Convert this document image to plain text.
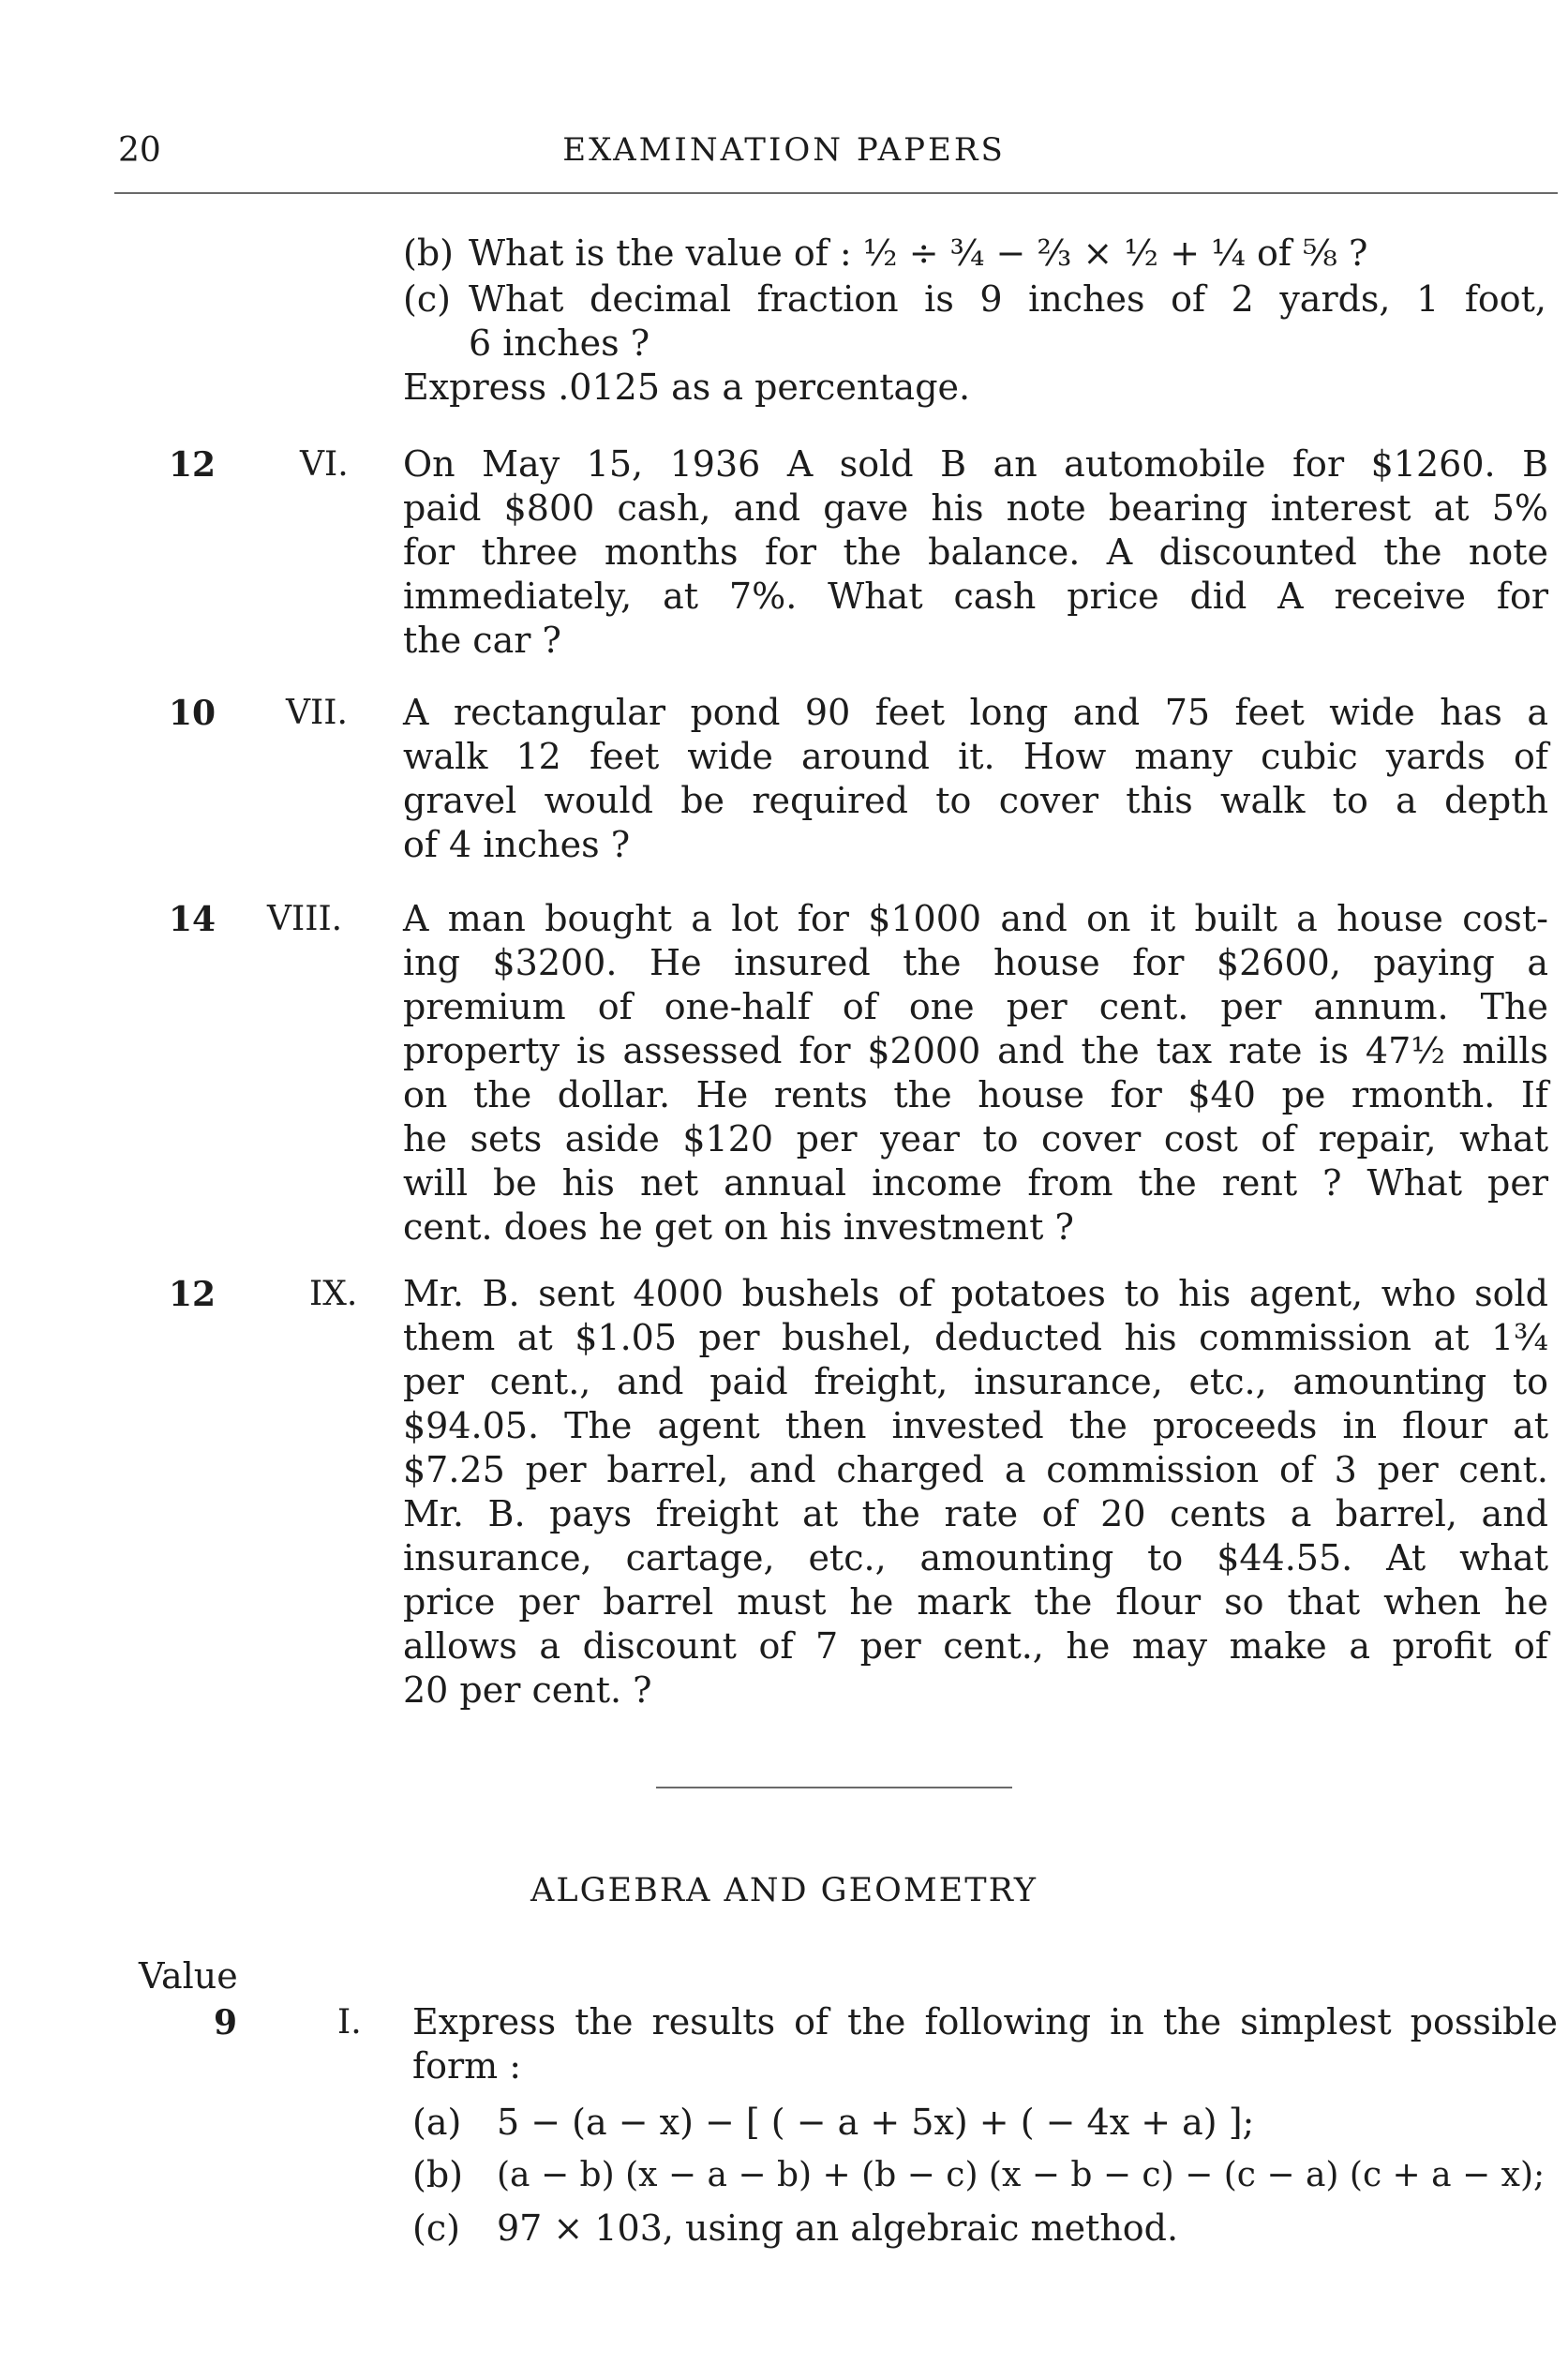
20	EXAMINATION PAPERS
(b) What is the value of : ½ ÷ ¾ − ⅔ × ½ + ¼ of ⅝ ?
(c) What decimal fraction is 9 inches of 2 yards, 1 foot,
6 inches ?
Express .0125 as a percentage.
12 VI. On May 15, 1936 A sold B an automobile for $1260. B
paid $800 cash, and gave his note bearing interest at 5%
for three months for the balance. A discounted the note
immediately, at 7%. What cash price did A receive for
the car ?
10 VII. A rectangular pond 90 feet long and 75 feet wide has a
walk 12 feet wide around it. How many cubic yards of
gravel would be required to cover this walk to a depth
of 4 inches ?
14 VIII. A man bought a lot for $1000 and on it built a house cost-
ing $3200. He insured the house for $2600, paying a
premium of one-half of one per cent. per annum. The
property is assessed for $2000 and the tax rate is 47½ mills
on the dollar. He rents the house for $40 pe rmonth. If
he sets aside $120 per year to cover cost of repair, what
will be his net annual income from the rent ? What per
cent. does he get on his investment ?
12	IX. Mr. B. sent 4000 bushels of potatoes to his agent, who sold
them at $1.05 per bushel, deducted his commission at 1¾
per cent., and paid freight, insurance, etc., amounting to
$94.05. The agent then invested the proceeds in flour at
$7.25 per barrel, and charged a commission of 3 per cent.
Mr. B. pays freight at the rate of 20 cents a barrel, and
insurance, cartage, etc., amounting to $44.55. At what
price per barrel must he mark the flour so that when he
allows a discount of 7 per cent., he may make a profit of
20 per cent. ?
ALGEBRA AND GEOMETRY
Value
9	I. Express the results of the following in the simplest possible
form :
(a) 5 − (a − x) − [ ( − a + 5x) + ( − 4x + a) ];
(b) (a − b) (x − a − b) + (b − c) (x − b − c) − (c − a) (c + a − x);
(c) 97 × 103, using an algebraic method.
